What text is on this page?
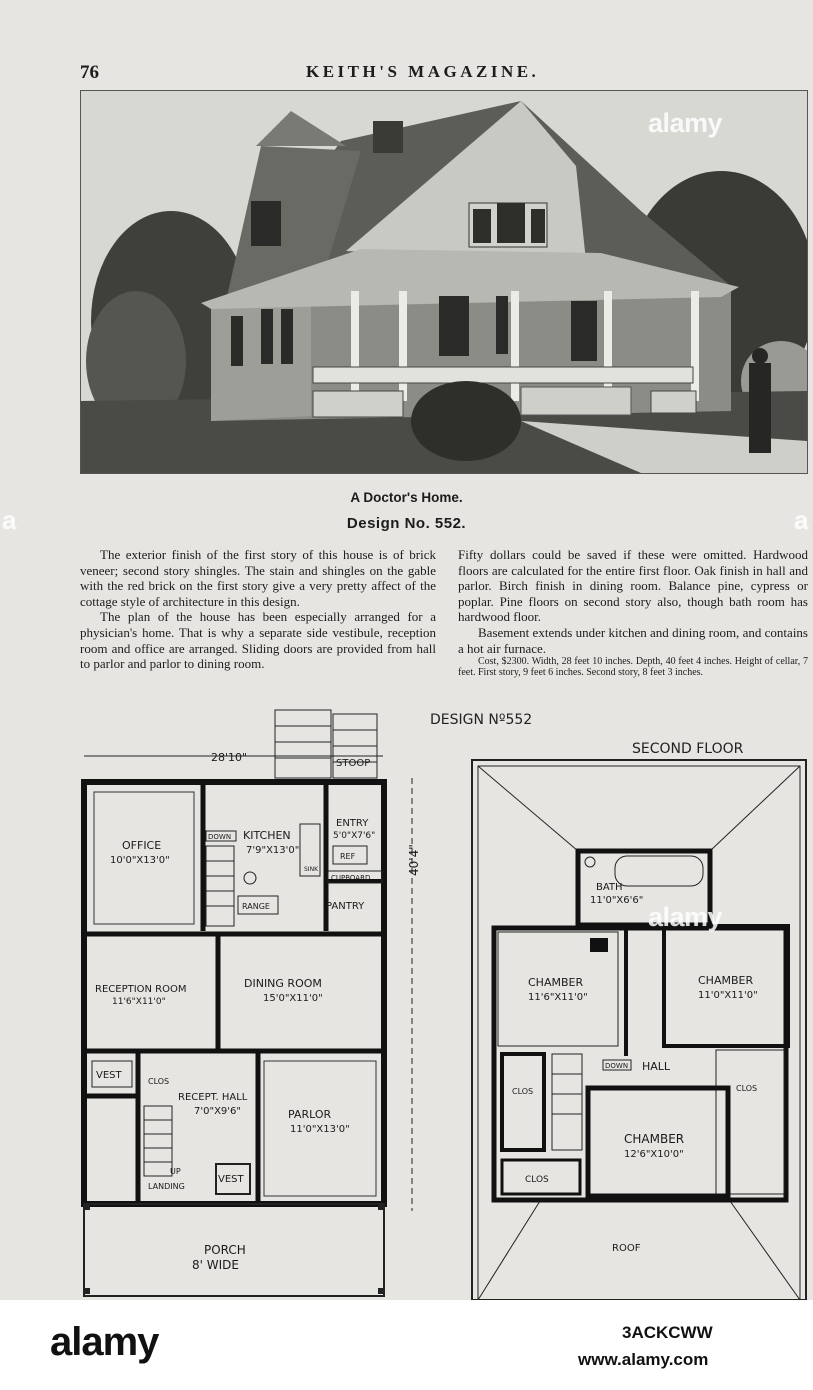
76	KEITH'S MAGAZINE.
A Doctor's Home.
Design No. 552.

The exterior finish of the first story of this house is of brick veneer; second story shingles. The stain and shingles on the gable with the red brick on the first story give a very pretty affect of the cottage style of architecture in this design.

The plan of the house has been especially arranged for a physician's home. That is why a separate side vestibule, reception room and office are arranged. Sliding doors are provided from hall to parlor and parlor to dining room.

Fifty dollars could be saved if these were omitted. Hardwood floors are calculated for the entire first floor. Oak finish in hall and parlor. Birch finish in dining room. Balance pine, cypress or poplar. Pine floors on second story also, though bath room has hardwood floor.

Basement extends under kitchen and dining room, and contains a hot air furnace.

Cost, $2300. Width, 28 feet 10 inches. Depth, 40 feet 4 inches. Height of cellar, 7 feet. First story, 9 feet 6 inches. Second story, 8 feet 3 inches.

DESIGN Nº552
SECOND FLOOR
28'10"	STOOP
40'4"
OFFICE
10'0"X13'0"
KITCHEN
7'9"X13'0"
DOWN
SINK
RANGE
ENTRY
5'0"X7'6"
REF
CUPBOARD
PANTRY
RECEPTION ROOM
11'6"X11'0"
DINING ROOM
15'0"X11'0"
VEST
CLOS
RECEPT. HALL
7'0"X9'6"
UP
LANDING
VEST
PARLOR
11'0"X13'0"
PORCH
8' WIDE
BATH
11'0"X6'6"
CHAMBER
11'6"X11'0"
CHAMBER
11'0"X11'0"
CLOS
DOWN HALL
CLOS
CHAMBER
12'6"X10'0"
CLOS
ROOF
alamy
alamy
a	a
alamy	3ACKCWW
www.alamy.com
